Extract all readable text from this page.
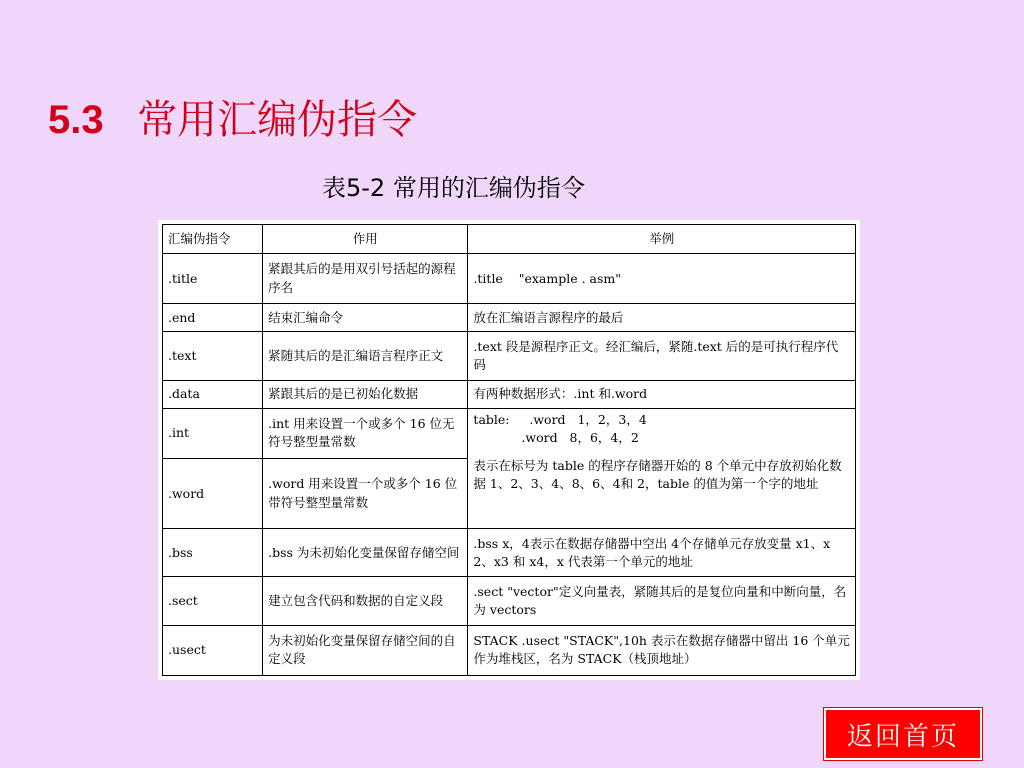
5.3 常用汇编伪指令
表5-2 常用的汇编伪指令
汇编伪指令	作用	举例
.title	紧跟其后的是用双引号括起的源程序名	.title    "example . asm"
.end	结束汇编命令	放在汇编语言源程序的最后
.text	紧随其后的是汇编语言程序正文	.text 段是源程序正文。经汇编后，紧随.text 后的是可执行程序代码
.data	紧跟其后的是已初始化数据	有两种数据形式：.int 和.word
.int	.int 用来设置一个或多个 16 位无符号整型量常数	table:     .word   1，2，3，4
.word   8，6，4，2
表示在标号为 table 的程序存储器开始的 8 个单元中存放初始化数据 1、2、3、4、8、6、4和 2，table 的值为第一个字的地址

.word	.word 用来设置一个或多个 16 位带符号整型量常数	
.bss	.bss 为未初始化变量保留存储空间	.bss x，4表示在数据存储器中空出 4个存储单元存放变量 x1、x2、x3 和 x4，x 代表第一个单元的地址
.sect	建立包含代码和数据的自定义段	.sect "vector"定义向量表，紧随其后的是复位向量和中断向量，名为 vectors
.usect	为未初始化变量保留存储空间的自定义段	STACK .usect "STACK",10h 表示在数据存储器中留出 16 个单元作为堆栈区，名为 STACK（栈顶地址）
返回首页
